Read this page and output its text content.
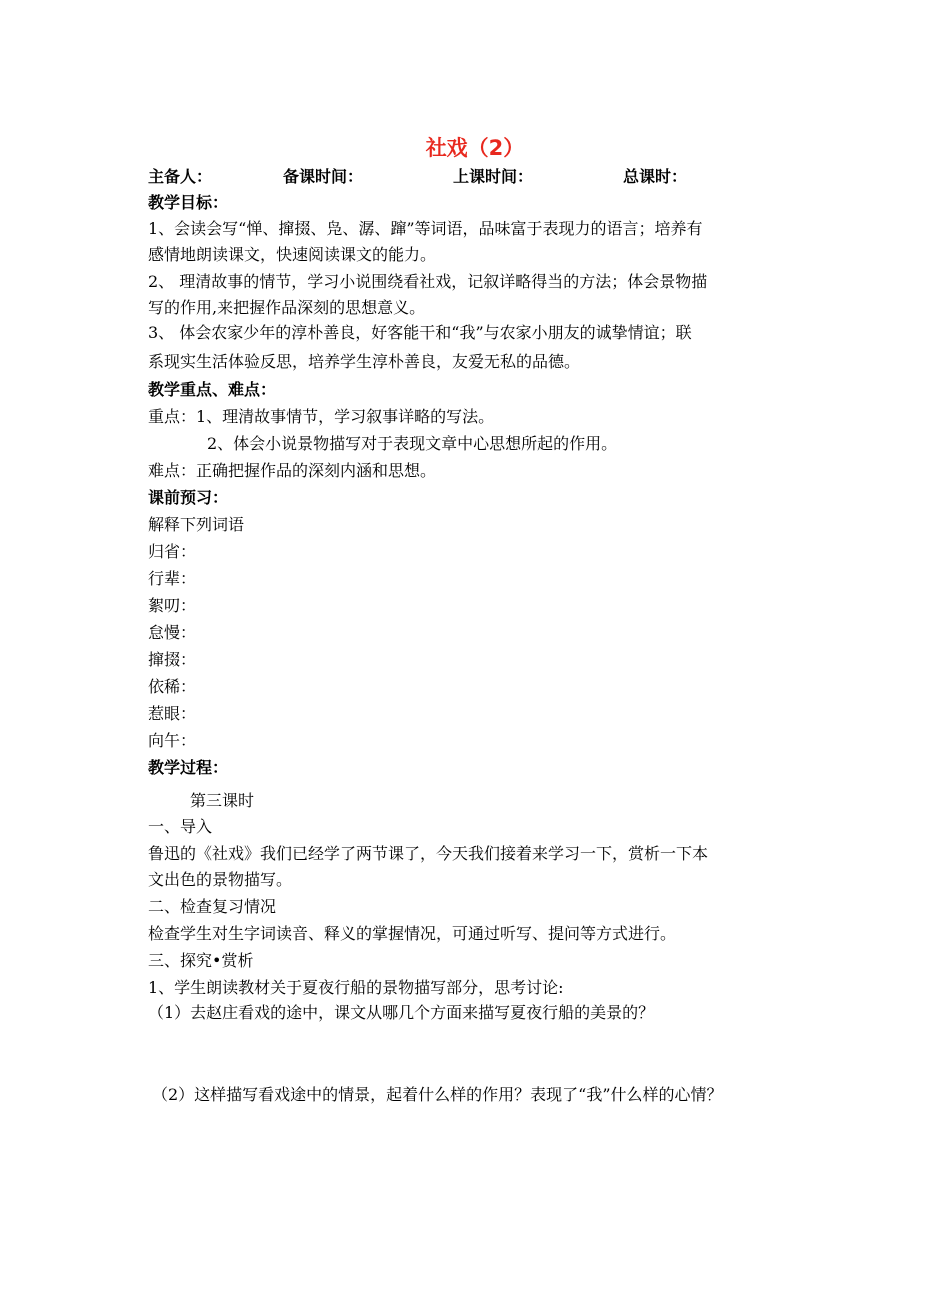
社戏（2）
主备人：	备课时间：	上课时间：	总课时：
教学目标：
1、会读会写“惮、撺掇、凫、潺、蹿”等词语，品味富于表现力的语言；培养有
感情地朗读课文，快速阅读课文的能力。
2、 理清故事的情节，学习小说围绕看社戏，记叙详略得当的方法；体会景物描
写的作用,来把握作品深刻的思想意义。
3、 体会农家少年的淳朴善良，好客能干和“我”与农家小朋友的诚挚情谊；联
系现实生活体验反思，培养学生淳朴善良，友爱无私的品德。
教学重点、难点：
重点：1、理清故事情节，学习叙事详略的写法。
2、体会小说景物描写对于表现文章中心思想所起的作用。
难点：正确把握作品的深刻内涵和思想。
课前预习：
解释下列词语
归省：
行辈：
絮叨：
怠慢：
撺掇：
依稀：
惹眼：
向午：
教学过程：
第三课时
一、导入
鲁迅的《社戏》我们已经学了两节课了，今天我们接着来学习一下，赏析一下本
文出色的景物描写。
二、检查复习情况
检查学生对生字词读音、释义的掌握情况，可通过听写、提问等方式进行。
三、探究•赏析
1、学生朗读教材关于夏夜行船的景物描写部分，思考讨论:
（1）去赵庄看戏的途中，课文从哪几个方面来描写夏夜行船的美景的？
（2）这样描写看戏途中的情景，起着什么样的作用？表现了“我”什么样的心情？
